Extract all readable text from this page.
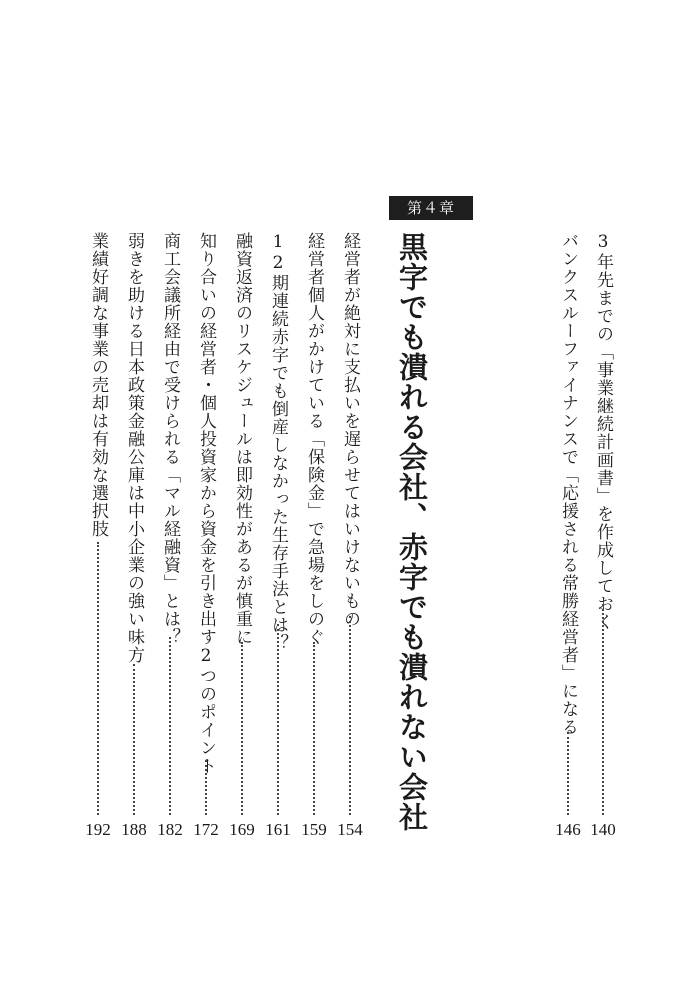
3年先までの「事業継続計画書」を作成しておく
140
バンクスルーファイナンスで「応援される常勝経営者」になる
146
第４章
黒字でも潰れる会社、赤字でも潰れない会社
経営者が絶対に支払いを遅らせてはいけないもの
154
経営者個人がかけている「保険金」で急場をしのぐ
159
12期連続赤字でも倒産しなかった生存手法とは？
161
融資返済のリスケジュールは即効性があるが慎重に
169
知り合いの経営者・個人投資家から資金を引き出す2つのポイント
172
商工会議所経由で受けられる「マル経融資」とは？
182
弱きを助ける日本政策金融公庫は中小企業の強い味方
188
業績好調な事業の売却は有効な選択肢
192
